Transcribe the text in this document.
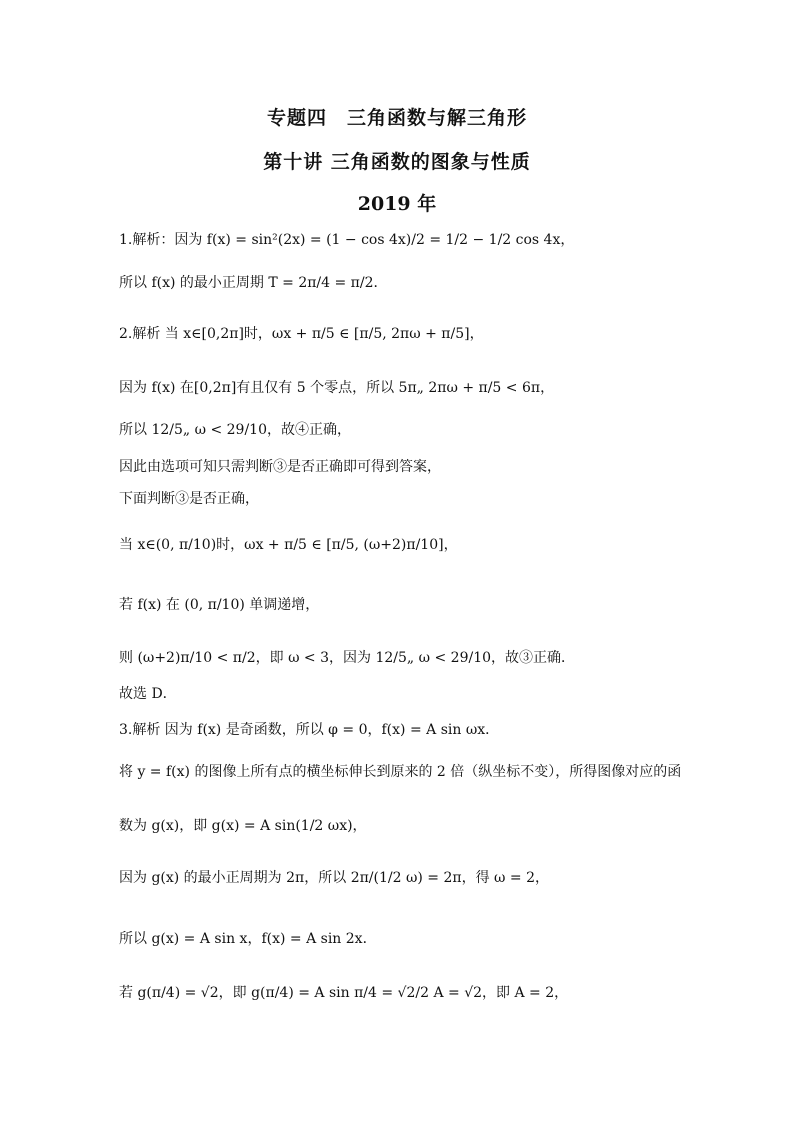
专题四　三角函数与解三角形
第十讲 三角函数的图象与性质
2019 年
1.解析：因为 f(x) = sin²(2x) = (1 − cos 4x)/2 = 1/2 − 1/2 cos 4x，
所以 f(x) 的最小正周期 T = 2π/4 = π/2．
2.解析 当 x∈[0,2π]时，ωx + π/5 ∈ [π/5, 2πω + π/5]，
因为 f(x) 在[0,2π]有且仅有 5 个零点，所以 5π„ 2πω + π/5 < 6π，
所以 12/5„ ω < 29/10，故④正确，
因此由选项可知只需判断③是否正确即可得到答案，
下面判断③是否正确，
当 x∈(0, π/10)时，ωx + π/5 ∈ [π/5, (ω+2)π/10]，
若 f(x) 在 (0, π/10) 单调递增，
则 (ω+2)π/10 < π/2，即 ω < 3，因为 12/5„ ω < 29/10，故③正确．
故选 D．
3.解析 因为 f(x) 是奇函数，所以 φ = 0，f(x) = A sin ωx．
将 y = f(x) 的图像上所有点的横坐标伸长到原来的 2 倍（纵坐标不变），所得图像对应的函
数为 g(x)，即 g(x) = A sin(1/2 ωx)，
因为 g(x) 的最小正周期为 2π，所以 2π/(1/2 ω) = 2π，得 ω = 2，
所以 g(x) = A sin x，f(x) = A sin 2x．
若 g(π/4) = √2，即 g(π/4) = A sin π/4 = √2/2 A = √2，即 A = 2，
